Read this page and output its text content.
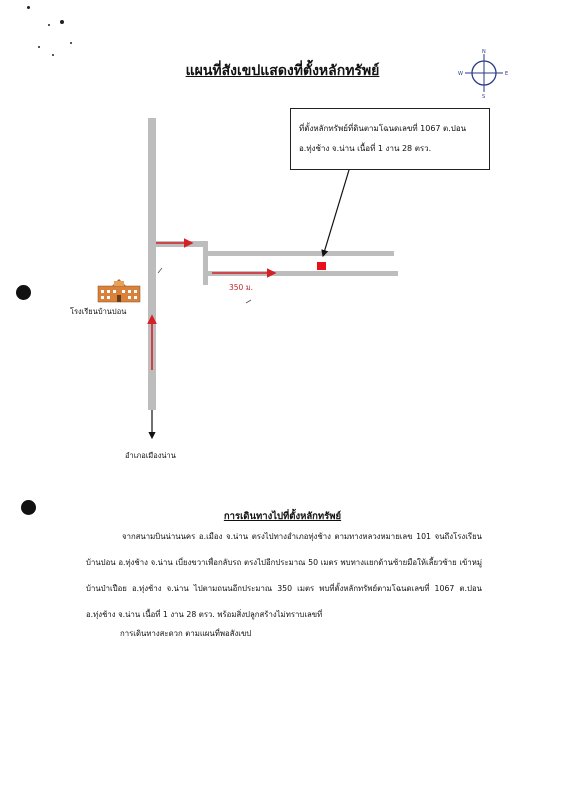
แผนที่สังเขปแสดงที่ตั้งหลักทรัพย์
N
E
S
W
ที่ตั้งหลักทรัพย์ที่ดินตามโฉนดเลขที่ 1067 ต.ปอน
อ.ทุ่งช้าง จ.น่าน เนื้อที่ 1 งาน 28 ตรว.
โรงเรียนบ้านปอน
350 ม.
อำเภอเมืองน่าน
การเดินทางไปที่ตั้งหลักทรัพย์
จากสนามบินน่านนคร อ.เมือง จ.น่าน ตรงไปทางอำเภอทุ่งช้าง ตามทางหลวงหมายเลข 101 จนถึงโรงเรียนบ้านปอน อ.ทุ่งช้าง จ.น่าน เบี่ยงขวาเพื่อกลับรถ ตรงไปอีกประมาณ 50 เมตร พบทางแยกด้านซ้ายมือให้เลี้ยวซ้าย เข้าหมู่บ้านป่าเปือย อ.ทุ่งช้าง จ.น่าน ไปตามถนนอีกประมาณ 350 เมตร พบที่ตั้งหลักทรัพย์ตามโฉนดเลขที่ 1067 ต.ปอน อ.ทุ่งช้าง จ.น่าน เนื้อที่ 1 งาน 28 ตรว. พร้อมสิ่งปลูกสร้างไม่ทราบเลขที่
การเดินทางสะดวก ตามแผนที่พอสังเขป
